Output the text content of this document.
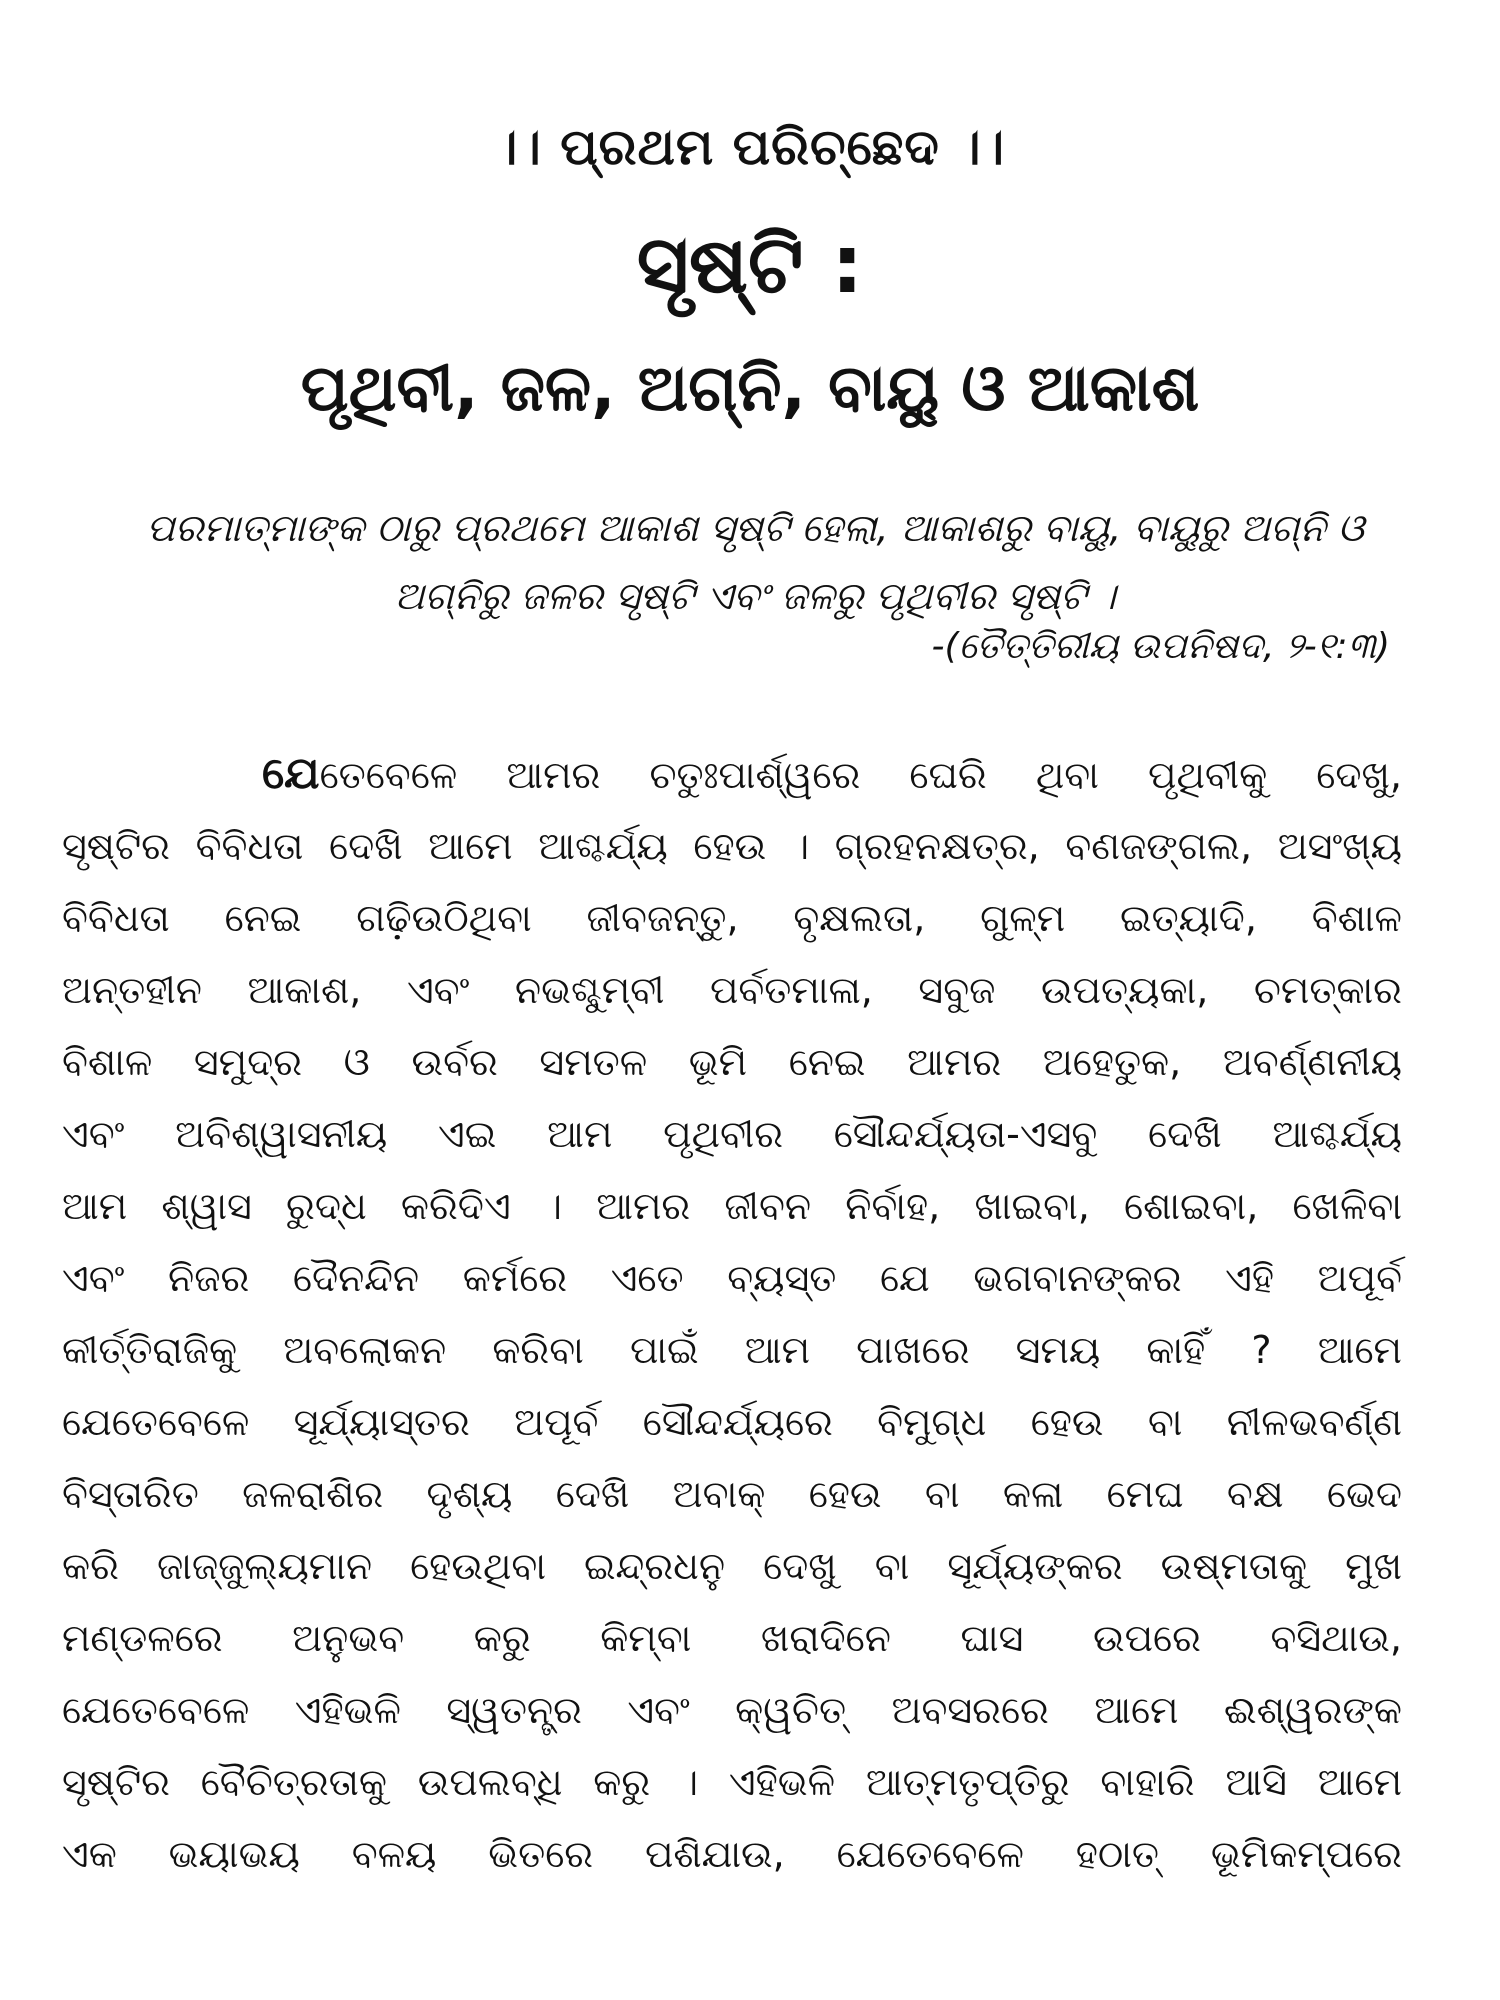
।। ପ୍ରଥମ ପରିଚ୍ଛେଦ ।।
ସୃଷ୍ଟି :
ପୃଥିବୀ, ଜଳ, ଅଗ୍ନି, ବାୟୁ ଓ ଆକାଶ
ପରମାତ୍ମାଙ୍କ ଠାରୁ ପ୍ରଥମେ ଆକାଶ ସୃଷ୍ଟି ହେଲା, ଆକାଶରୁ ବାୟୁ, ବାୟୁରୁ ଅଗ୍ନି ଓ
ଅଗ୍ନିରୁ ଜଳର ସୃଷ୍ଟି ଏବଂ ଜଳରୁ ପୃଥିବୀର ସୃଷ୍ଟି ।
-(ତୈତ୍ତିରୀୟ ଉପନିଷଦ, ୨-୧:୩)
ଯେତେବେଳେ ଆମର ଚତୁଃପାର୍ଶ୍ୱରେ ଘେରି ଥିବା ପୃଥିବୀକୁ ଦେଖୁ,
ସୃଷ୍ଟିର ବିବିଧତା ଦେଖି ଆମେ ଆଶ୍ଚର୍ଯ୍ୟ ହେଉ । ଗ୍ରହନକ୍ଷତ୍ର, ବଣଜଙ୍ଗଲ, ଅସଂଖ୍ୟ
ବିବିଧତା ନେଇ ଗଢ଼ିଉଠିଥିବା ଜୀବଜନ୍ତୁ, ବୃକ୍ଷଲତା, ଗୁଳ୍ମ ଇତ୍ୟାଦି, ବିଶାଳ
ଅନ୍ତହୀନ ଆକାଶ, ଏବଂ ନଭଶ୍ଚୁମ୍ବୀ ପର୍ବତମାଳା, ସବୁଜ ଉପତ୍ୟକା, ଚମତ୍କାର
ବିଶାଳ ସମୁଦ୍ର ଓ ଉର୍ବର ସମତଳ ଭୂମି ନେଇ ଆମର ଅହେତୁକ, ଅବର୍ଣ୍ଣନୀୟ
ଏବଂ ଅବିଶ୍ୱାସନୀୟ ଏଇ ଆମ ପୃଥିବୀର ସୌନ୍ଦର୍ଯ୍ୟତା-ଏସବୁ ଦେଖି ଆଶ୍ଚର୍ଯ୍ୟ
ଆମ ଶ୍ୱାସ ରୁଦ୍ଧ କରିଦିଏ । ଆମର ଜୀବନ ନିର୍ବାହ, ଖାଇବା, ଶୋଇବା, ଖେଳିବା
ଏବଂ ନିଜର ଦୈନନ୍ଦିନ କର୍ମରେ ଏତେ ବ୍ୟସ୍ତ ଯେ ଭଗବାନଙ୍କର ଏହି ଅପୂର୍ବ
କୀର୍ତ୍ତିରାଜିକୁ ଅବଲୋକନ କରିବା ପାଇଁ ଆମ ପାଖରେ ସମୟ କାହିଁ ? ଆମେ
ଯେତେବେଳେ ସୂର୍ଯ୍ୟାସ୍ତର ଅପୂର୍ବ ସୌନ୍ଦର୍ଯ୍ୟରେ ବିମୁଗ୍ଧ ହେଉ ବା ନୀଳଭବର୍ଣ୍ଣ
ବିସ୍ତାରିତ ଜଳରାଶିର ଦୃଶ୍ୟ ଦେଖି ଅବାକ୍ ହେଉ ବା କଳା ମେଘ ବକ୍ଷ ଭେଦ
କରି ଜାଜ୍ଜୁଲ୍ୟମାନ ହେଉଥିବା ଇନ୍ଦ୍ରଧନୁ ଦେଖୁ ବା ସୂର୍ଯ୍ୟଙ୍କର ଉଷ୍ମତାକୁ ମୁଖ
ମଣ୍ଡଳରେ ଅନୁଭବ କରୁ କିମ୍ବା ଖରାଦିନେ ଘାସ ଉପରେ ବସିଥାଉ,
ଯେତେବେଳେ ଏହିଭଳି ସ୍ୱତନ୍ତ୍ର ଏବଂ କ୍ୱଚିତ୍ ଅବସରରେ ଆମେ ଈଶ୍ୱରଙ୍କ
ସୃଷ୍ଟିର ବୈଚିତ୍ରତାକୁ ଉପଲବ୍ଧି କରୁ । ଏହିଭଳି ଆତ୍ମତୃପ୍ତିରୁ ବାହାରି ଆସି ଆମେ
ଏକ ଭୟାଭୟ ବଳୟ ଭିତରେ ପଶିଯାଉ, ଯେତେବେଳେ ହଠାତ୍ ଭୂମିକମ୍ପରେ
